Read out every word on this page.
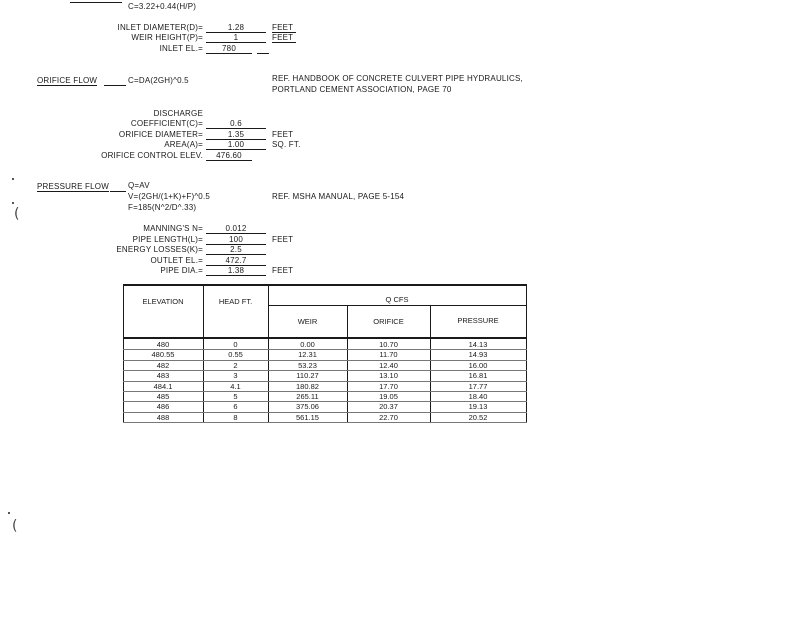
C=3.22+0.44(H/P)
INLET DIAMETER(D)=	1.28	FEET
WEIR HEIGHT(P)=	1	FEET
INLET EL.=	780
ORIFICE FLOW	C=DA(2GH)^0.5	REF. HANDBOOK OF CONCRETE CULVERT PIPE HYDRAULICS,
PORTLAND CEMENT ASSOCIATION, PAGE 70
DISCHARGE
COEFFICIENT(C)=	0.6
ORIFICE DIAMETER=	1.35	FEET
AREA(A)=	1.00	SQ. FT.
ORIFICE CONTROL ELEV.	476.60
(
(
PRESSURE FLOW Q=AV
V=(2GH/(1+K)+F)^0.5
F=185(N^2/D^.33)
REF. MSHA MANUAL, PAGE 5-154
MANNING'S N=	0.012
PIPE LENGTH(L)=	100	FEET
ENERGY LOSSES(K)=	2.5
OUTLET EL.=	472.7
PIPE DIA.=	1.38	FEET
ELEVATION	HEAD FT.	Q CFS
WEIR	ORIFICE	PRESSURE
480	0	0.00	10.70	14.13
480.55	0.55	12.31	11.70	14.93
482	2	53.23	12.40	16.00
483	3	110.27	13.10	16.81
484.1	4.1	180.82	17.70	17.77
485	5	265.11	19.05	18.40
486	6	375.06	20.37	19.13
488	8	561.15	22.70	20.52
